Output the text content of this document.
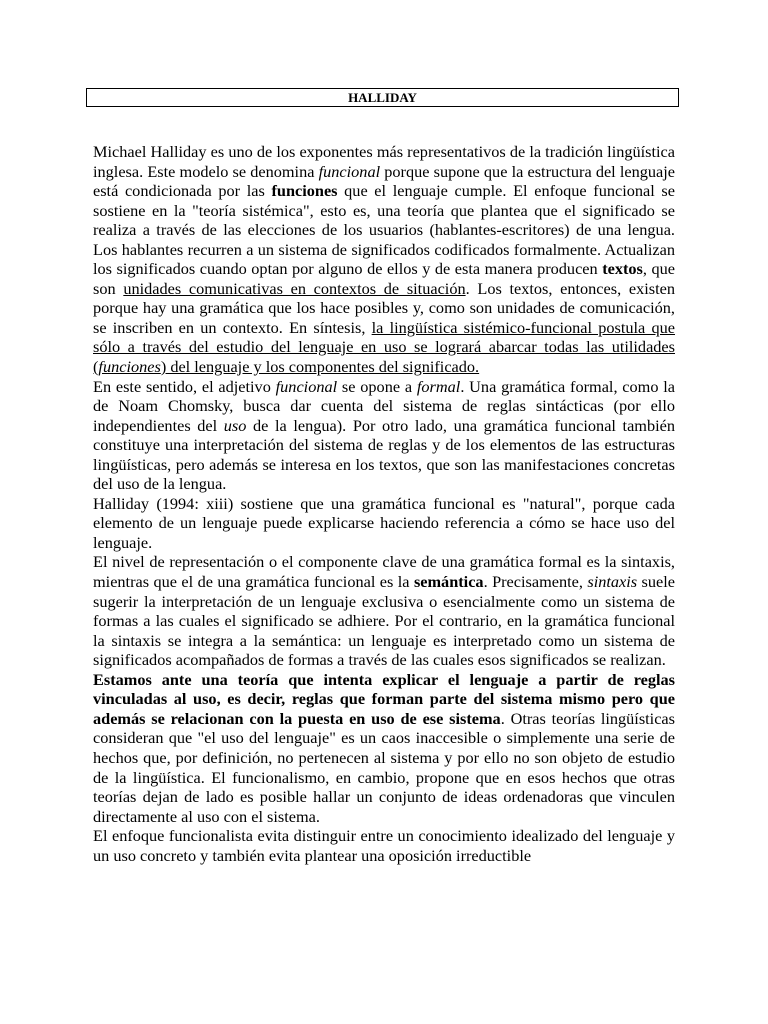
HALLIDAY

Michael Halliday es uno de los exponentes más representativos de la tradición lingüística inglesa. Este modelo se denomina funcional porque supone que la estructura del lenguaje está condicionada por las funciones que el lenguaje cumple. El enfoque funcional se sostiene en la "teoría sistémica", esto es, una teoría que plantea que el significado se realiza a través de las elecciones de los usuarios (hablantes-escritores) de una lengua. Los hablantes recurren a un sistema de significados codificados formalmente. Actualizan los significados cuando optan por alguno de ellos y de esta manera producen textos, que son unidades comunicativas en contextos de situación. Los textos, entonces, existen porque hay una gramática que los hace posibles y, como son unidades de comunicación, se inscriben en un contexto. En síntesis, la lingüística sistémico-funcional postula que sólo a través del estudio del lenguaje en uso se logrará abarcar todas las utilidades (funciones) del lenguaje y los componentes del significado.

En este sentido, el adjetivo funcional se opone a formal. Una gramática formal, como la de Noam Chomsky, busca dar cuenta del sistema de reglas sintácticas (por ello independientes del uso de la lengua). Por otro lado, una gramática funcional también constituye una interpretación del sistema de reglas y de los elementos de las estructuras lingüísticas, pero además se interesa en los textos, que son las manifestaciones concretas del uso de la lengua.

Halliday (1994: xiii) sostiene que una gramática funcional es "natural", porque cada elemento de un lenguaje puede explicarse haciendo referencia a cómo se hace uso del lenguaje.

El nivel de representación o el componente clave de una gramática formal es la sintaxis, mientras que el de una gramática funcional es la semántica. Precisamente, sintaxis suele sugerir la interpretación de un lenguaje exclusiva o esencialmente como un sistema de formas a las cuales el significado se adhiere. Por el contrario, en la gramática funcional la sintaxis se integra a la semántica: un lenguaje es interpretado como un sistema de significados acompañados de formas a través de las cuales esos significados se realizan.

Estamos ante una teoría que intenta explicar el lenguaje a partir de reglas vinculadas al uso, es decir, reglas que forman parte del sistema mismo pero que además se relacionan con la puesta en uso de ese sistema. Otras teorías lingüísticas consideran que "el uso del lenguaje" es un caos inaccesible o simplemente una serie de hechos que, por definición, no pertenecen al sistema y por ello no son objeto de estudio de la lingüística. El funcionalismo, en cambio, propone que en esos hechos que otras teorías dejan de lado es posible hallar un conjunto de ideas ordenadoras que vinculen directamente al uso con el sistema.

El enfoque funcionalista evita distinguir entre un conocimiento idealizado del lenguaje y un uso concreto y también evita plantear una oposición irreductible
